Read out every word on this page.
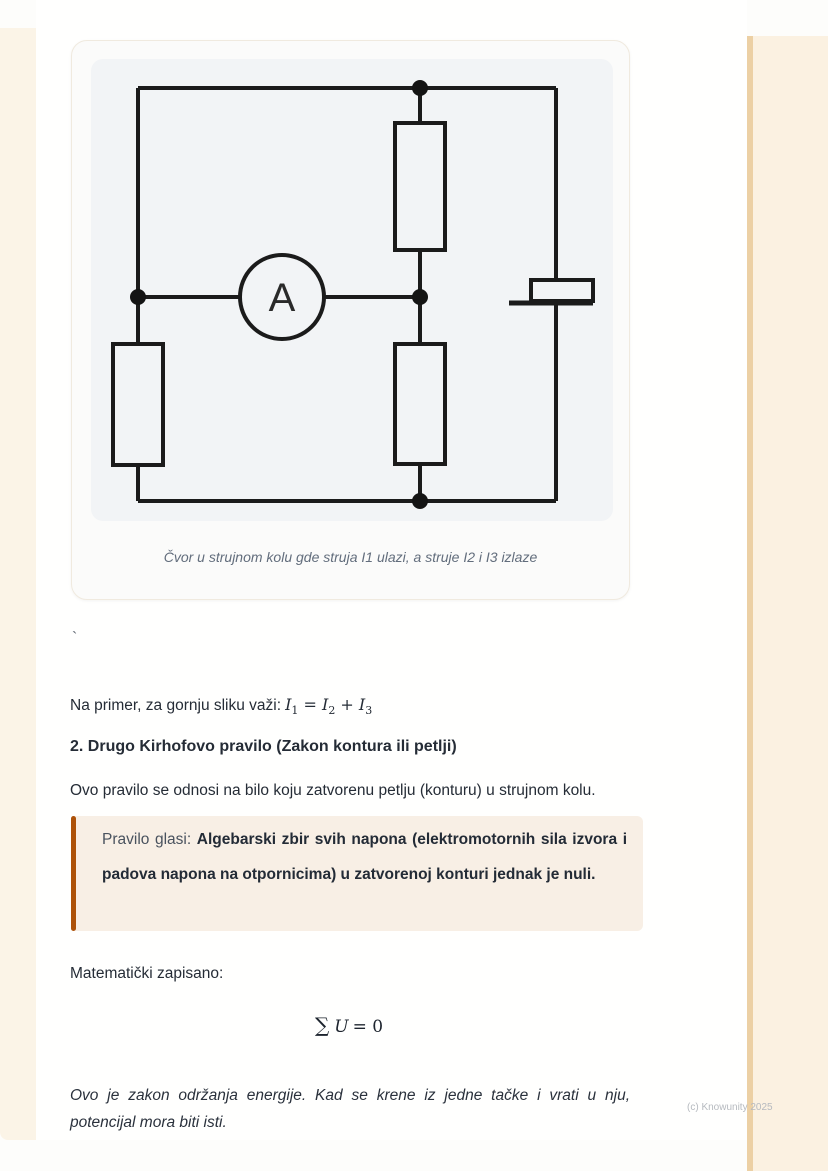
A
Čvor u strujnom kolu gde struja I1 ulazi, a struje I2 i I3 izlaze
`
Na primer, za gornju sliku važi: $I_1 = I_2 + I_3$
2. Drugo Kirhofovo pravilo (Zakon kontura ili petlji)
Ovo pravilo se odnosi na bilo koju zatvorenu petlju (konturu) u strujnom kolu.
Pravilo glasi: Algebarski zbir svih napona (elektromotornih sila izvora i padova napona na otpornicima) u zatvorenoj konturi jednak je nuli.
Matematički zapisano:
∑ U = 0
Ovo je zakon održanja energije. Kad se krene iz jedne tačke i vrati u nju, potencijal mora biti isti.
(c) Knowunity 2025
